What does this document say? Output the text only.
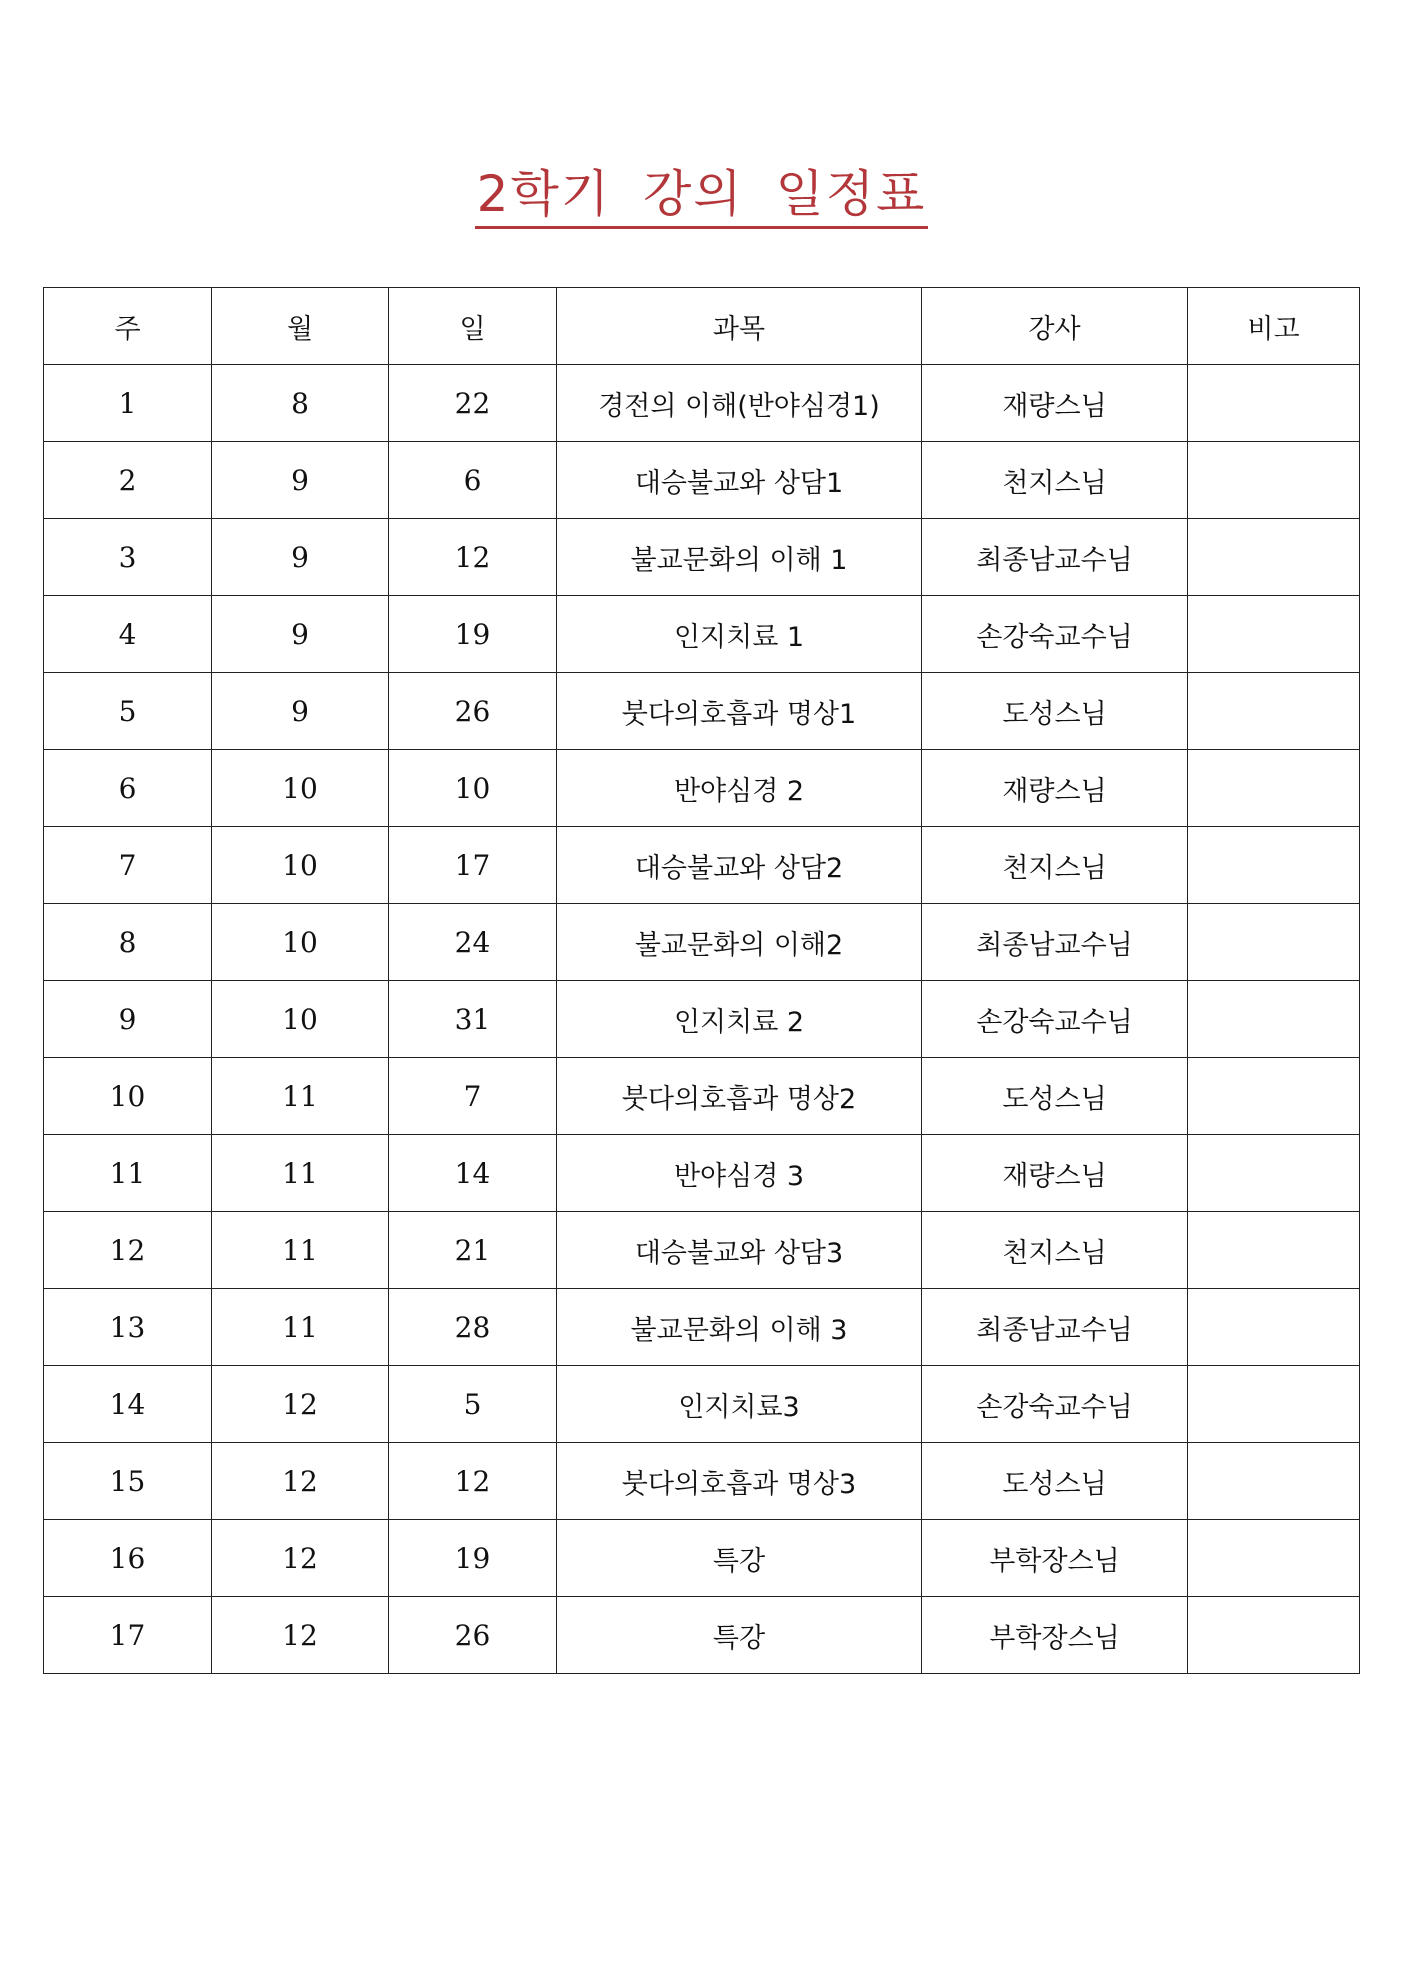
2학기 강의 일정표
주	월	일	과목	강사	비고
1	8	22	경전의 이해(반야심경1)	재량스님	
2	9	6	대승불교와 상담1	천지스님	
3	9	12	불교문화의 이해 1	최종남교수님	
4	9	19	인지치료 1	손강숙교수님	
5	9	26	붓다의호흡과 명상1	도성스님	
6	10	10	반야심경 2	재량스님	
7	10	17	대승불교와 상담2	천지스님	
8	10	24	불교문화의 이해2	최종남교수님	
9	10	31	인지치료 2	손강숙교수님	
10	11	7	붓다의호흡과 명상2	도성스님	
11	11	14	반야심경 3	재량스님	
12	11	21	대승불교와 상담3	천지스님	
13	11	28	불교문화의 이해 3	최종남교수님	
14	12	5	인지치료3	손강숙교수님	
15	12	12	붓다의호흡과 명상3	도성스님	
16	12	19	특강	부학장스님	
17	12	26	특강	부학장스님	
